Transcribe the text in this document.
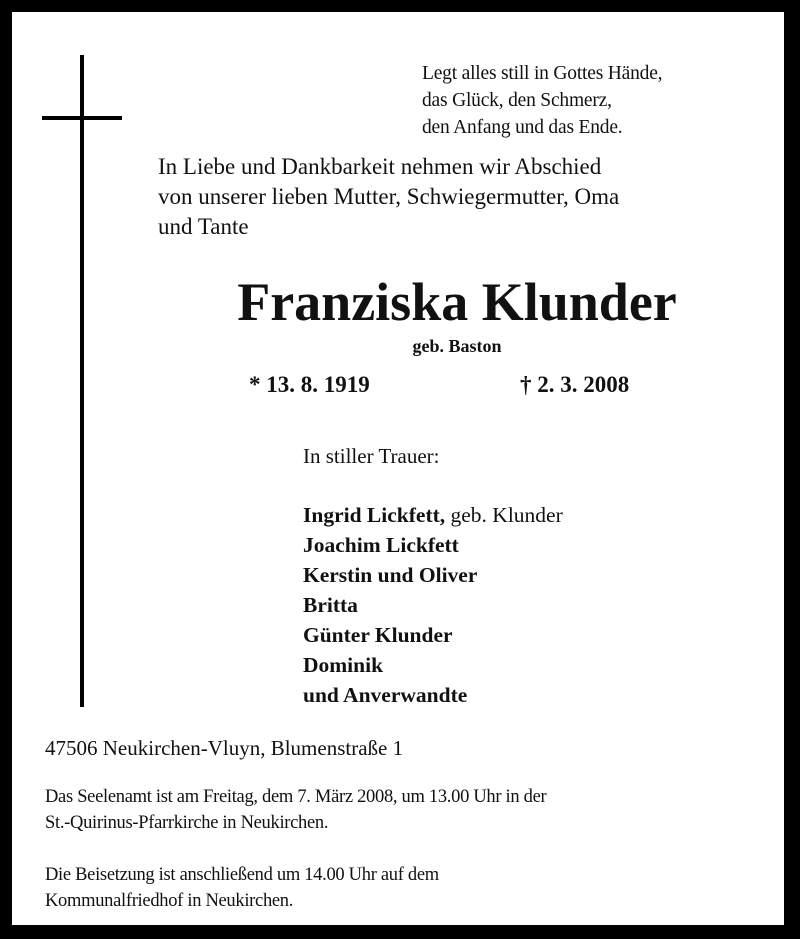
Legt alles still in Gottes Hände,
das Glück, den Schmerz,
den Anfang und das Ende.
In Liebe und Dankbarkeit nehmen wir Abschied
von unserer lieben Mutter, Schwiegermutter, Oma
und Tante
Franziska Klunder
geb. Baston
* 13. 8. 1919	† 2. 3. 2008
In stiller Trauer:
Ingrid Lickfett, geb. Klunder
Joachim Lickfett
Kerstin und Oliver
Britta
Günter Klunder
Dominik
und Anverwandte
47506 Neukirchen-Vluyn, Blumenstraße 1
Das Seelenamt ist am Freitag, dem 7. März 2008, um 13.00 Uhr in der
St.-Quirinus-Pfarrkirche in Neukirchen.
Die Beisetzung ist anschließend um 14.00 Uhr auf dem
Kommunalfriedhof in Neukirchen.
